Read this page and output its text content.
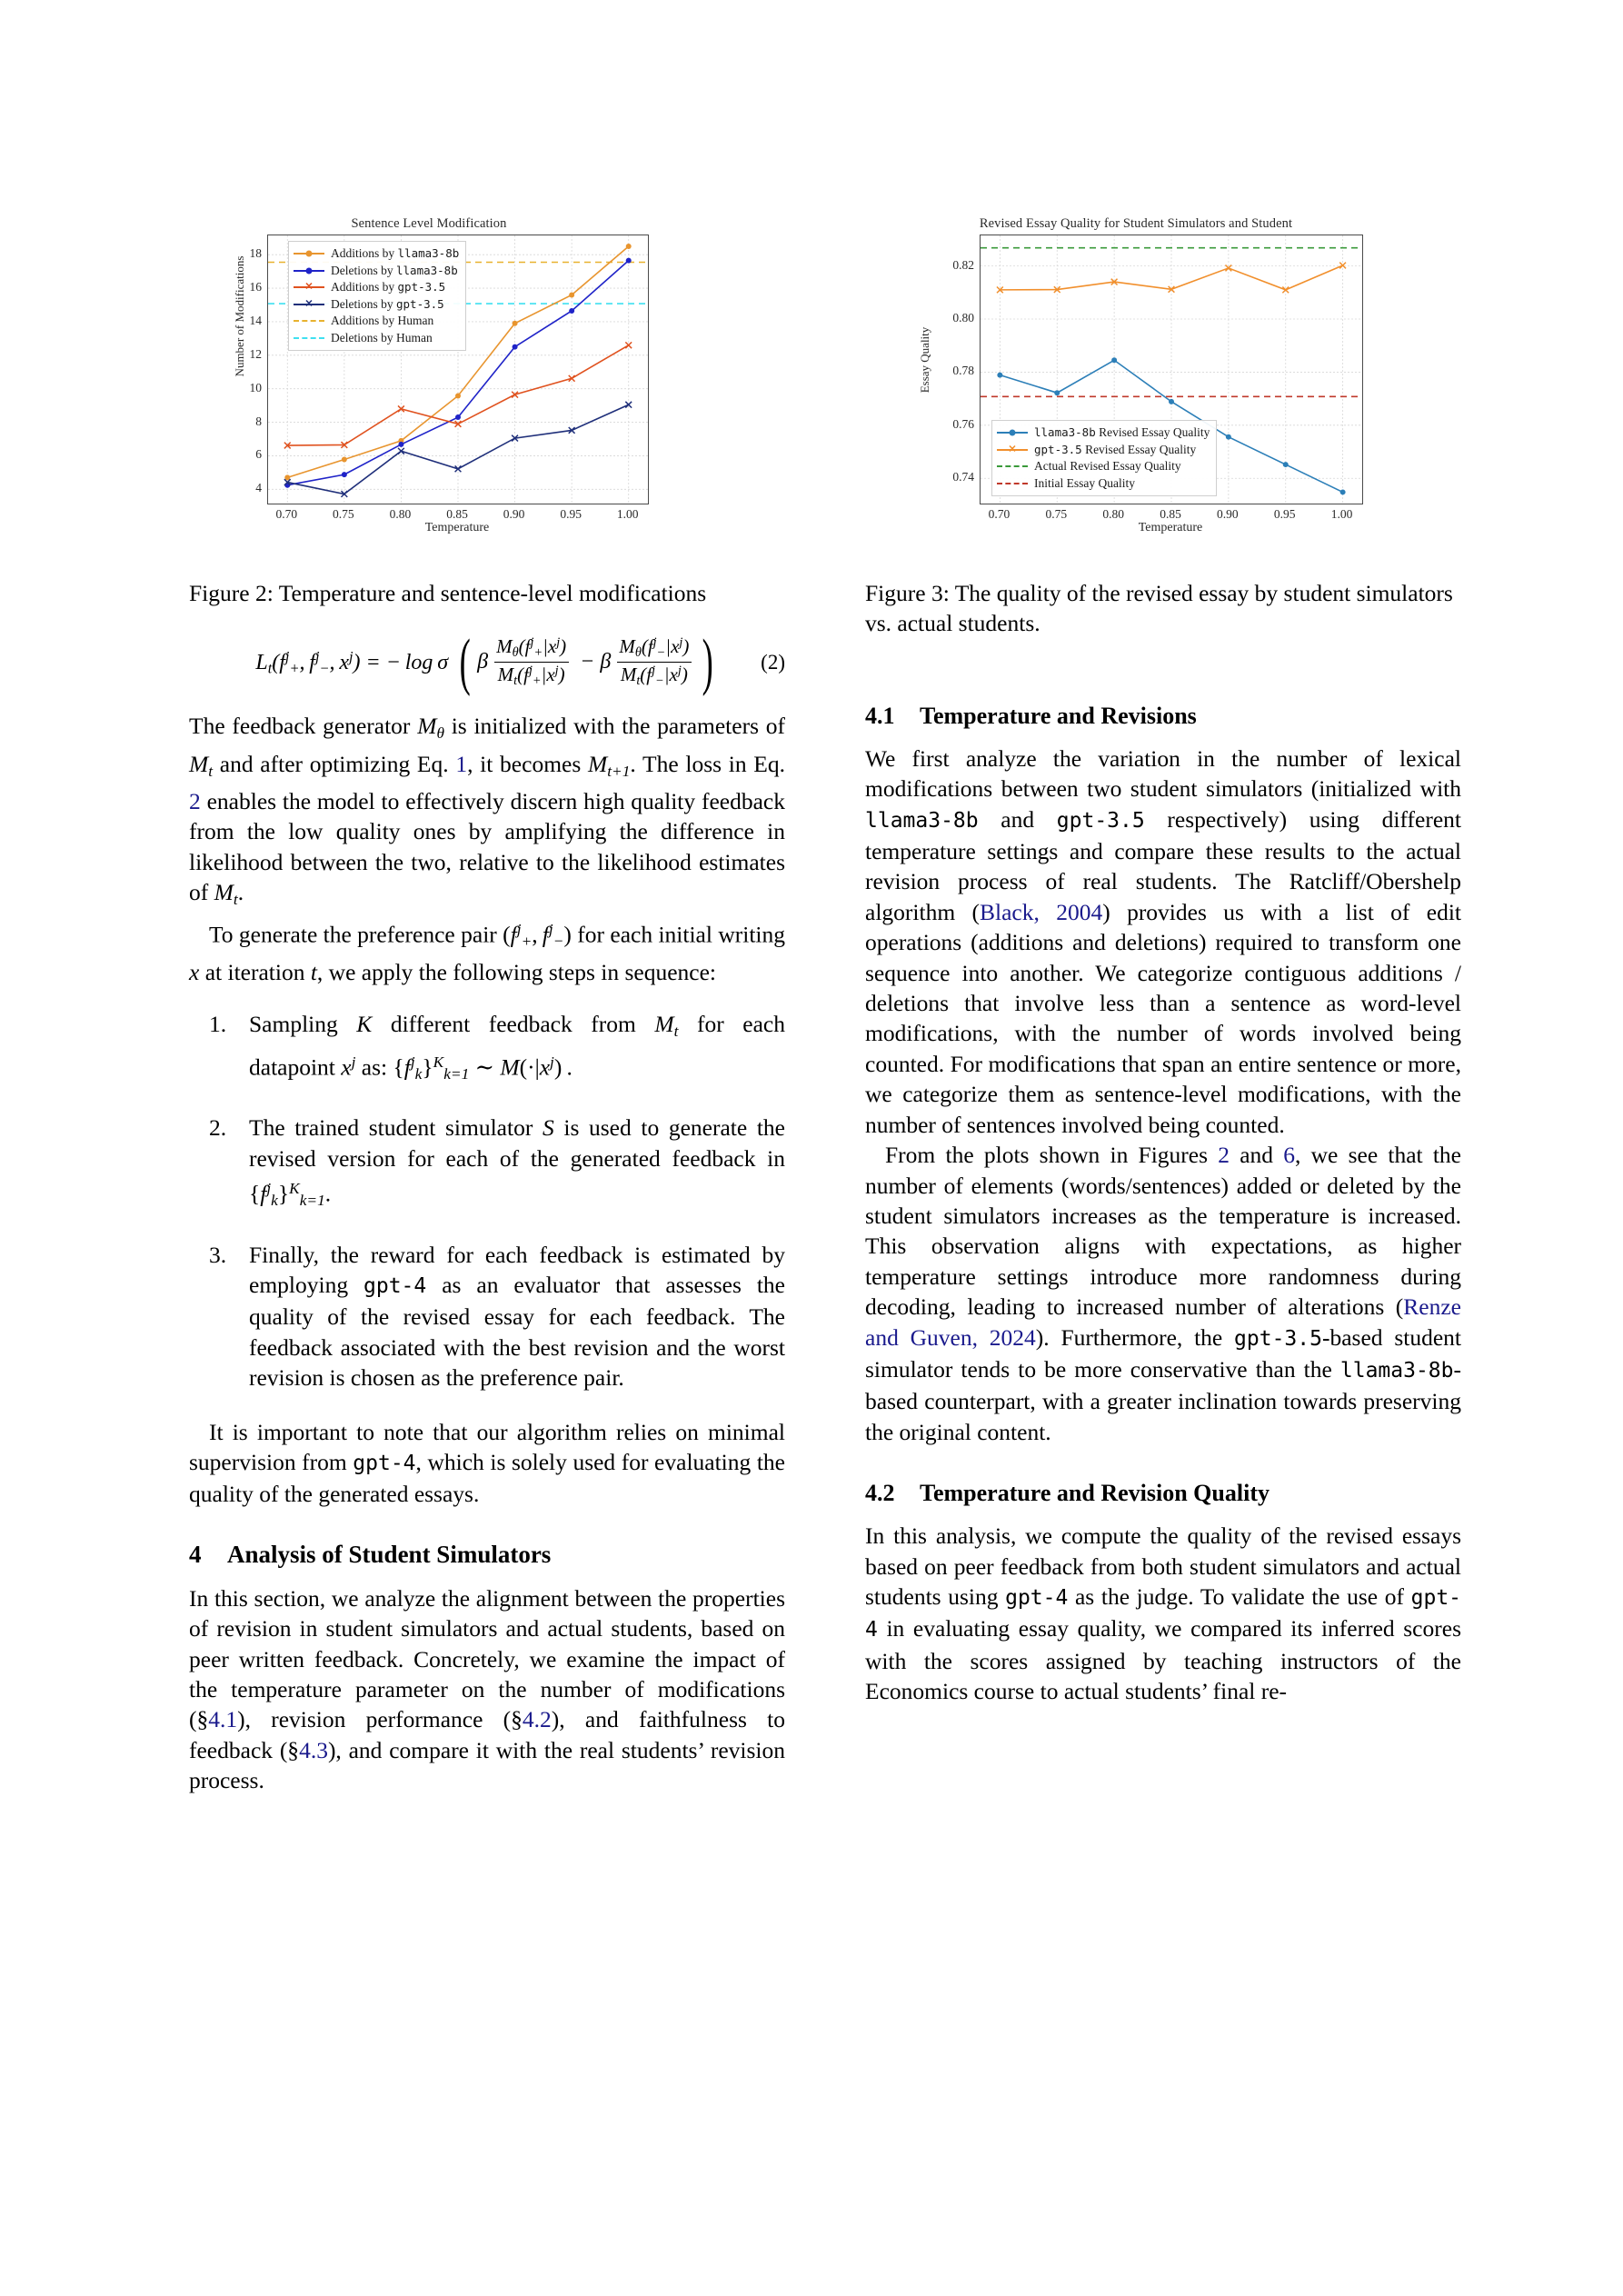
Sentence Level Modification
Number of Modifications
4
6
8
10
12
14
16
18	Additions by llama3-8b
Deletions by llama3-8b
✕ Additions by gpt-3.5
✕ Deletions by gpt-3.5
Additions by Human
Deletions by Human
0.70	0.75	0.80	0.85	0.90	0.95	1.00
Temperature
Revised Essay Quality for Student Simulators and Student
Essay Quality
0.74
0.76
0.78
0.80
0.82
llama3-8b Revised Essay Quality
✕ gpt-3.5 Revised Essay Quality
Actual Revised Essay Quality
Initial Essay Quality
0.70	0.75	0.80	0.85	0.90	0.95	1.00
Temperature

Figure 2: Temperature and sentence-level modifications

$L_t(f^j_+$, $f^j_-$, $x^j$) = − log σ  ( β $\frac{M_\theta(f^j_+|x^j)}{M_t(f^j_+|x^j)} - \beta \frac{M_\theta(f^j_-|x^j)}{M_t(f^j_-|x^j)}$ ) (2)

The feedback generator $M_\theta$ is initialized with the parameters of $M_t$ and after optimizing Eq. 1, it becomes $M_{t+1}$. The loss in Eq. 2 enables the model to effectively discern high quality feedback from the low quality ones by amplifying the difference in likelihood between the two, relative to the likelihood estimates of $M_t$.

To generate the preference pair ($f^j_+$, $f^j_-$) for each initial writing x at iteration t, we apply the following steps in sequence:

Sampling K different feedback from $M_t$ for each datapoint $x^j$ as: $\{f^j_k\}^K_{k=1}$ ∼ $M(\cdot|x^j)$ .
The trained student simulator S is used to generate the revised version for each of the generated feedback in $\{f^j_k\}^K_{k=1}$.
Finally, the reward for each feedback is estimated by employing gpt-4 as an evaluator that assesses the quality of the revised essay for each feedback. The feedback associated with the best revision and the worst revision is chosen as the preference pair.

It is important to note that our algorithm relies on minimal supervision from gpt-4, which is solely used for evaluating the quality of the generated essays.

4 Analysis of Student Simulators

In this section, we analyze the alignment between the properties of revision in student simulators and actual students, based on peer written feedback. Concretely, we examine the impact of the temperature parameter on the number of modifications (§4.1), revision performance (§4.2), and faithfulness to feedback (§4.3), and compare it with the real students’ revision process.

Figure 3: The quality of the revised essay by student simulators vs. actual students.

4.1 Temperature and Revisions

We first analyze the variation in the number of lexical modifications between two student simulators (initialized with llama3-8b and gpt-3.5 respectively) using different temperature settings and compare these results to the actual revision process of real students. The Ratcliff/Obershelp algorithm (Black, 2004) provides us with a list of edit operations (additions and deletions) required to transform one sequence into another. We categorize contiguous additions / deletions that involve less than a sentence as word-level modifications, with the number of words involved being counted. For modifications that span an entire sentence or more, we categorize them as sentence-level modifications, with the number of sentences involved being counted.

From the plots shown in Figures 2 and 6, we see that the number of elements (words/sentences) added or deleted by the student simulators increases as the temperature is increased. This observation aligns with expectations, as higher temperature settings introduce more randomness during decoding, leading to increased number of alterations (Renze and Guven, 2024). Furthermore, the gpt-3.5-based student simulator tends to be more conservative than the llama3-8b-based counterpart, with a greater inclination towards preserving the original content.

4.2 Temperature and Revision Quality

In this analysis, we compute the quality of the revised essays based on peer feedback from both student simulators and actual students using gpt-4 as the judge. To validate the use of gpt-4 in evaluating essay quality, we compared its inferred scores with the scores assigned by teaching instructors of the Economics course to actual students’ final re-
